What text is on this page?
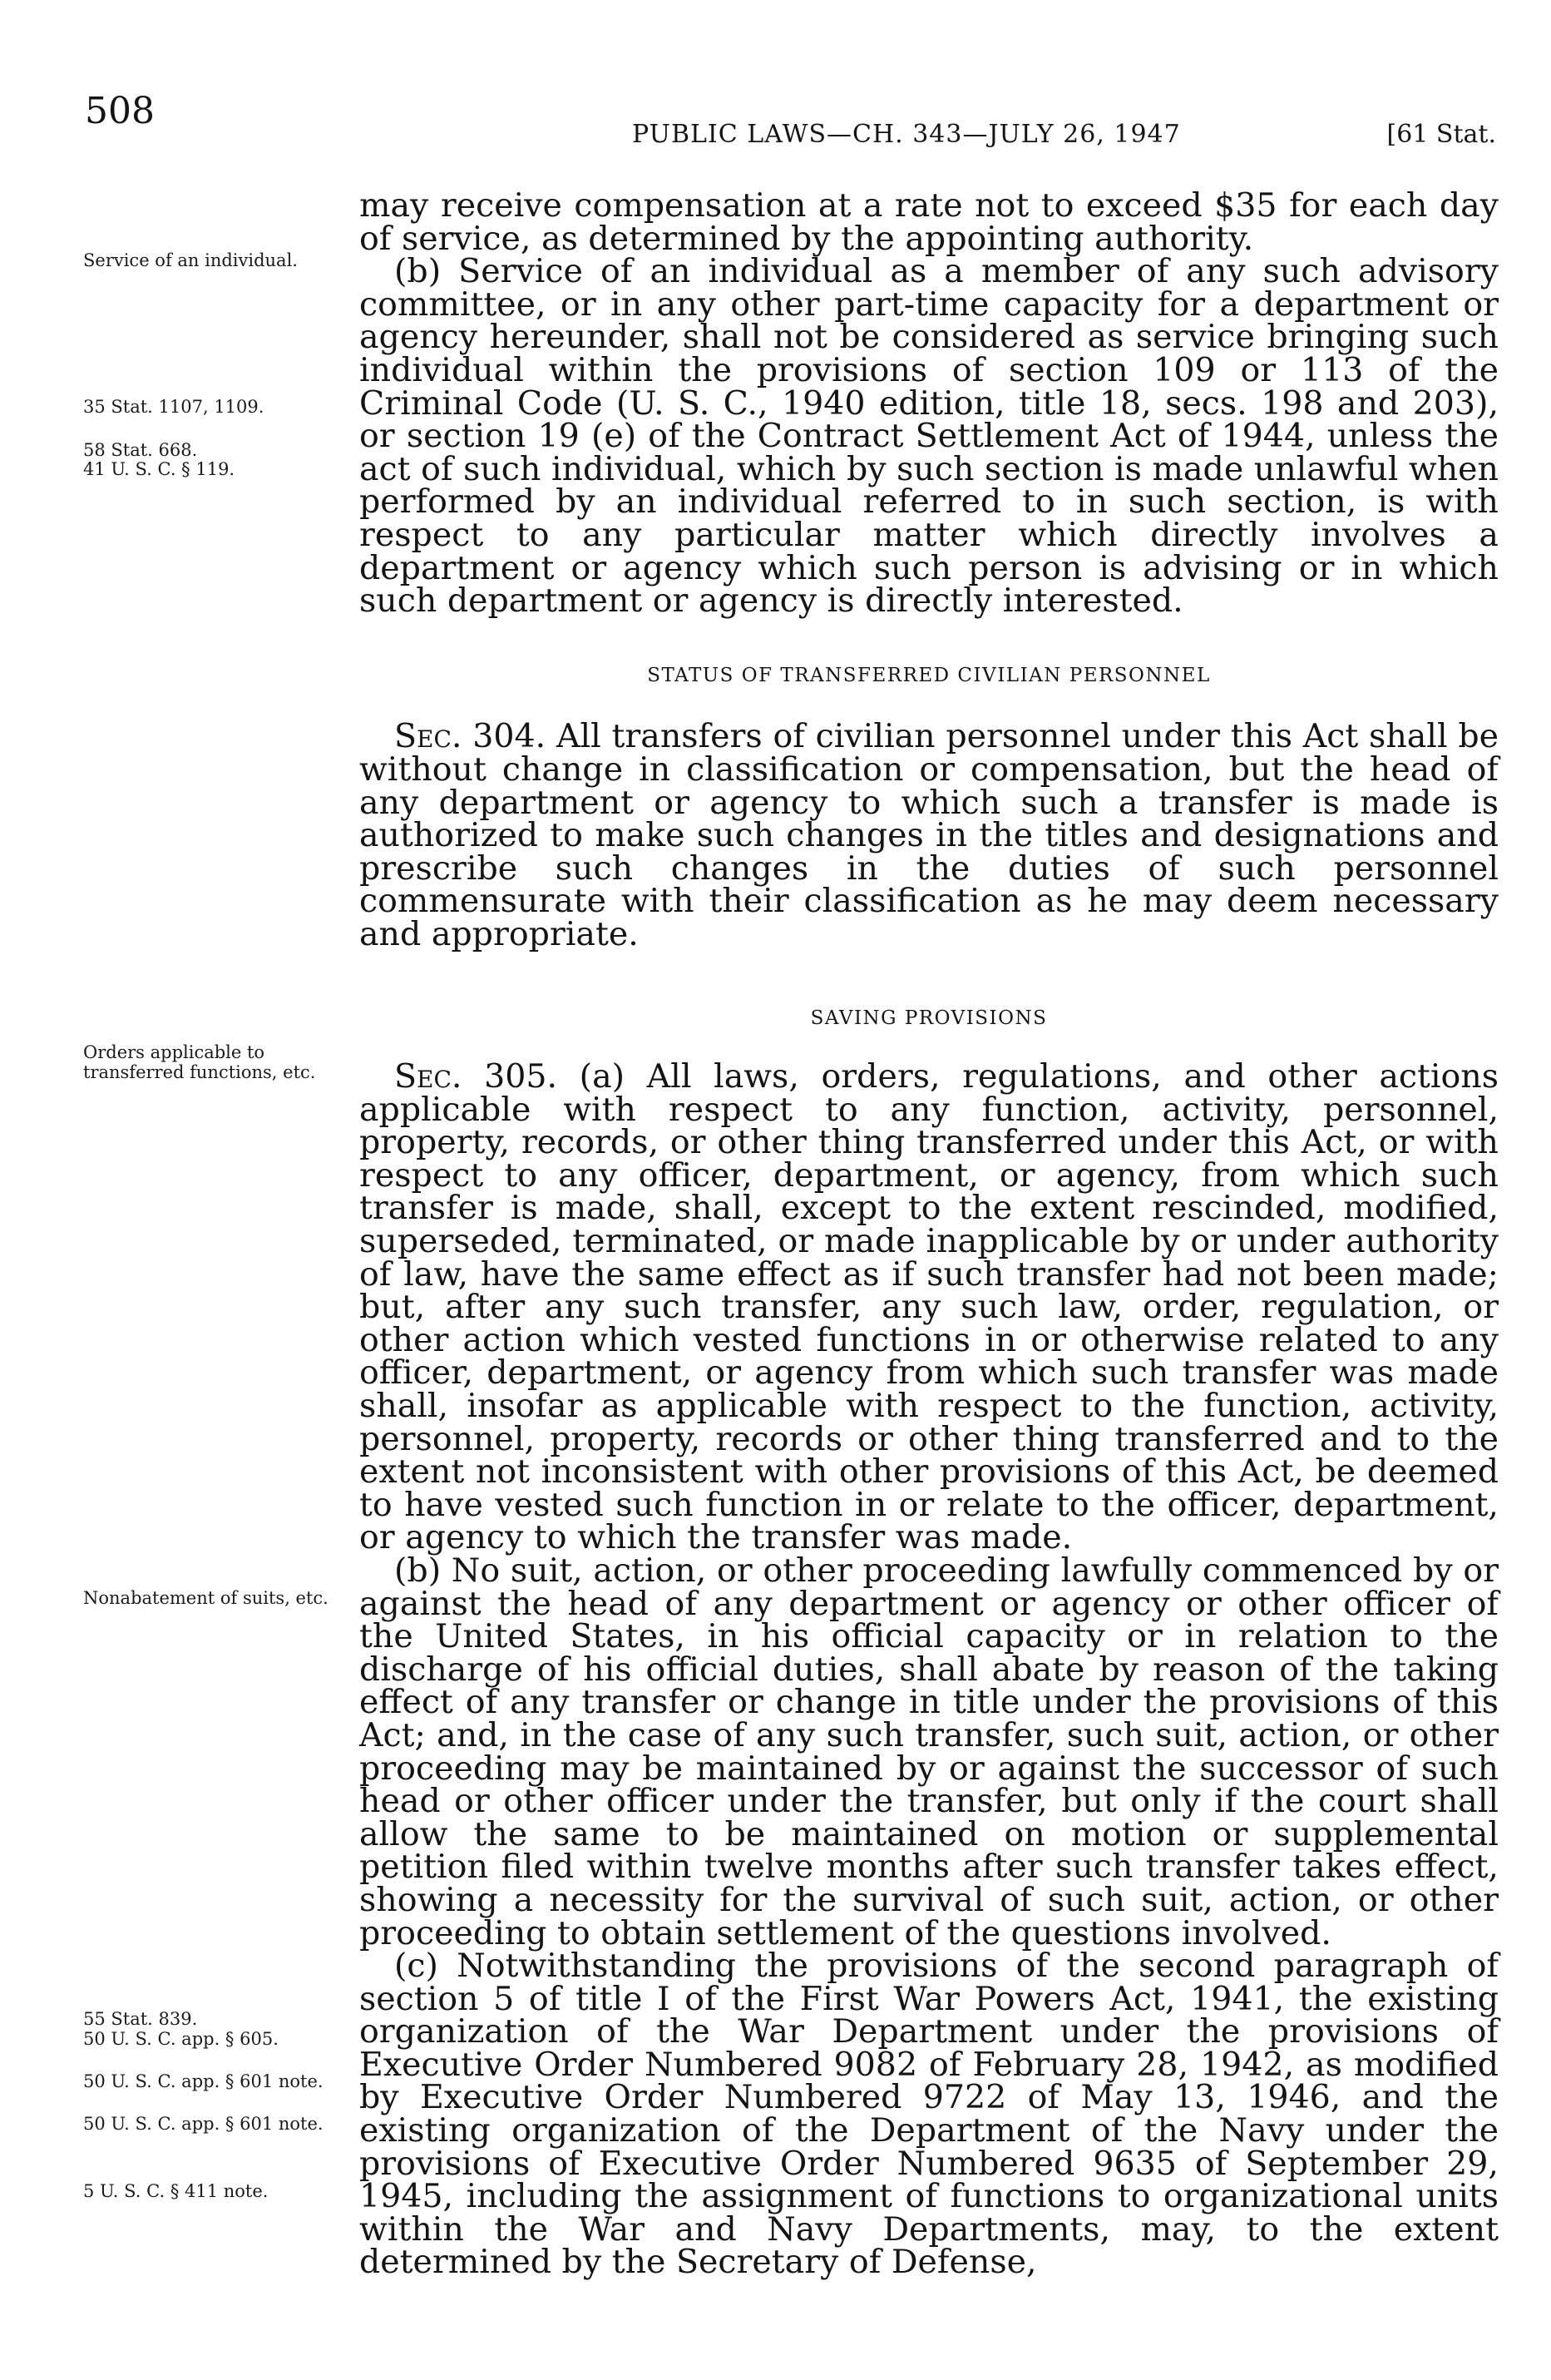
508
PUBLIC LAWS—CH. 343—JULY 26, 1947	[61 Stat.
Service of an individual.
35 Stat. 1107, 1109.
58 Stat. 668.
41 U. S. C. § 119.
Orders applicable to transferred functions, etc.
Nonabatement of suits, etc.
55 Stat. 839.
50 U. S. C. app. § 605.
50 U. S. C. app. § 601 note.
50 U. S. C. app. § 601 note.
5 U. S. C. § 411 note.

may receive compensation at a rate not to exceed $35 for each day of service, as determined by the appointing authority.

(b) Service of an individual as a member of any such advisory committee, or in any other part-time capacity for a department or agency hereunder, shall not be considered as service bringing such individual within the provisions of section 109 or 113 of the Criminal Code (U. S. C., 1940 edition, title 18, secs. 198 and 203), or section 19 (e) of the Contract Settlement Act of 1944, unless the act of such individual, which by such section is made unlawful when performed by an individual referred to in such section, is with respect to any particular matter which directly involves a department or agency which such person is advising or in which such department or agency is directly interested.

STATUS OF TRANSFERRED CIVILIAN PERSONNEL

Sec. 304. All transfers of civilian personnel under this Act shall be without change in classification or compensation, but the head of any department or agency to which such a transfer is made is authorized to make such changes in the titles and designations and prescribe such changes in the duties of such personnel commensurate with their classification as he may deem necessary and appropriate.

SAVING PROVISIONS

Sec. 305. (a) All laws, orders, regulations, and other actions applicable with respect to any function, activity, personnel, property, records, or other thing transferred under this Act, or with respect to any officer, department, or agency, from which such transfer is made, shall, except to the extent rescinded, modified, superseded, terminated, or made inapplicable by or under authority of law, have the same effect as if such transfer had not been made; but, after any such transfer, any such law, order, regulation, or other action which vested functions in or otherwise related to any officer, department, or agency from which such transfer was made shall, insofar as applicable with respect to the function, activity, personnel, property, records or other thing transferred and to the extent not inconsistent with other provisions of this Act, be deemed to have vested such function in or relate to the officer, department, or agency to which the transfer was made.

(b) No suit, action, or other proceeding lawfully commenced by or against the head of any department or agency or other officer of the United States, in his official capacity or in relation to the discharge of his official duties, shall abate by reason of the taking effect of any transfer or change in title under the provisions of this Act; and, in the case of any such transfer, such suit, action, or other proceeding may be maintained by or against the successor of such head or other officer under the transfer, but only if the court shall allow the same to be maintained on motion or supplemental petition filed within twelve months after such transfer takes effect, showing a necessity for the survival of such suit, action, or other proceeding to obtain settlement of the questions involved.

(c) Notwithstanding the provisions of the second paragraph of section 5 of title I of the First War Powers Act, 1941, the existing organization of the War Department under the provisions of Executive Order Numbered 9082 of February 28, 1942, as modified by Executive Order Numbered 9722 of May 13, 1946, and the existing organization of the Department of the Navy under the provisions of Executive Order Numbered 9635 of September 29, 1945, including the assignment of functions to organizational units within the War and Navy Departments, may, to the extent determined by the Secretary of Defense,
